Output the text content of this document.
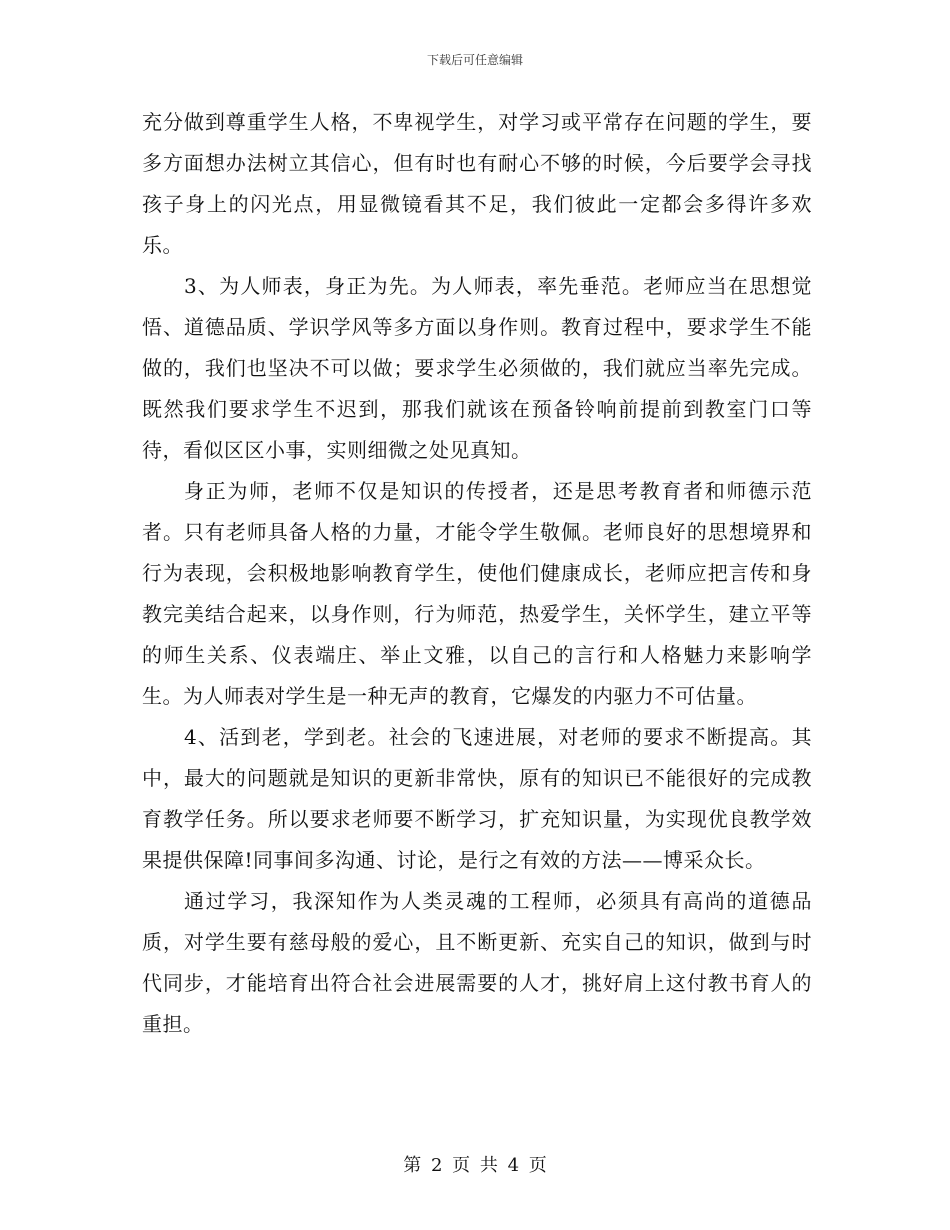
下载后可任意编辑

充分做到尊重学生人格，不卑视学生，对学习或平常存在问题的学生，要多方面想办法树立其信心，但有时也有耐心不够的时候，今后要学会寻找孩子身上的闪光点，用显微镜看其不足，我们彼此一定都会多得许多欢乐。

3、为人师表，身正为先。为人师表，率先垂范。老师应当在思想觉悟、道德品质、学识学风等多方面以身作则。教育过程中，要求学生不能做的，我们也坚决不可以做；要求学生必须做的，我们就应当率先完成。既然我们要求学生不迟到，那我们就该在预备铃响前提前到教室门口等待，看似区区小事，实则细微之处见真知。

身正为师，老师不仅是知识的传授者，还是思考教育者和师德示范者。只有老师具备人格的力量，才能令学生敬佩。老师良好的思想境界和行为表现，会积极地影响教育学生，使他们健康成长，老师应把言传和身教完美结合起来，以身作则，行为师范，热爱学生，关怀学生，建立平等的师生关系、仪表端庄、举止文雅，以自己的言行和人格魅力来影响学生。为人师表对学生是一种无声的教育，它爆发的内驱力不可估量。

4、活到老，学到老。社会的飞速进展，对老师的要求不断提高。其中，最大的问题就是知识的更新非常快，原有的知识已不能很好的完成教育教学任务。所以要求老师要不断学习，扩充知识量，为实现优良教学效果提供保障!同事间多沟通、讨论，是行之有效的方法——博采众长。

通过学习，我深知作为人类灵魂的工程师，必须具有高尚的道德品质，对学生要有慈母般的爱心，且不断更新、充实自己的知识，做到与时代同步，才能培育出符合社会进展需要的人才，挑好肩上这付教书育人的重担。

第 2 页 共 4 页
